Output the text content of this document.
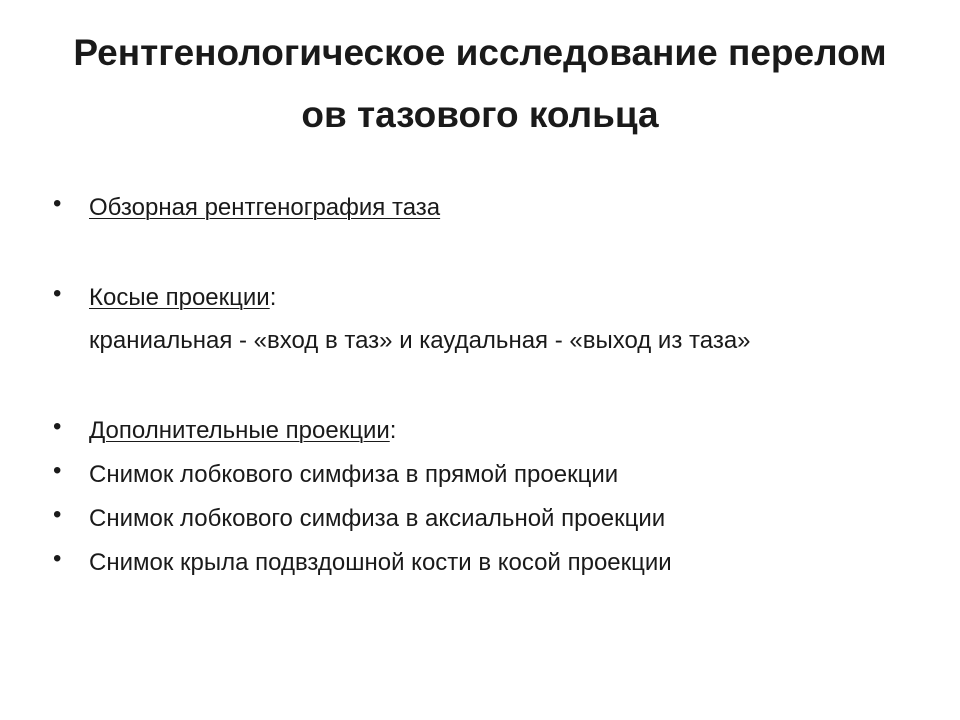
Рентгенологическое исследование перелом
ов тазового кольца
• Обзорная рентгенография таза
• Косые проекции:
краниальная - «вход в таз» и каудальная - «выход из таза»
• Дополнительные проекции:
• Снимок лобкового симфиза в прямой проекции
• Снимок лобкового симфиза в аксиальной проекции
• Снимок крыла подвздошной кости в косой проекции
